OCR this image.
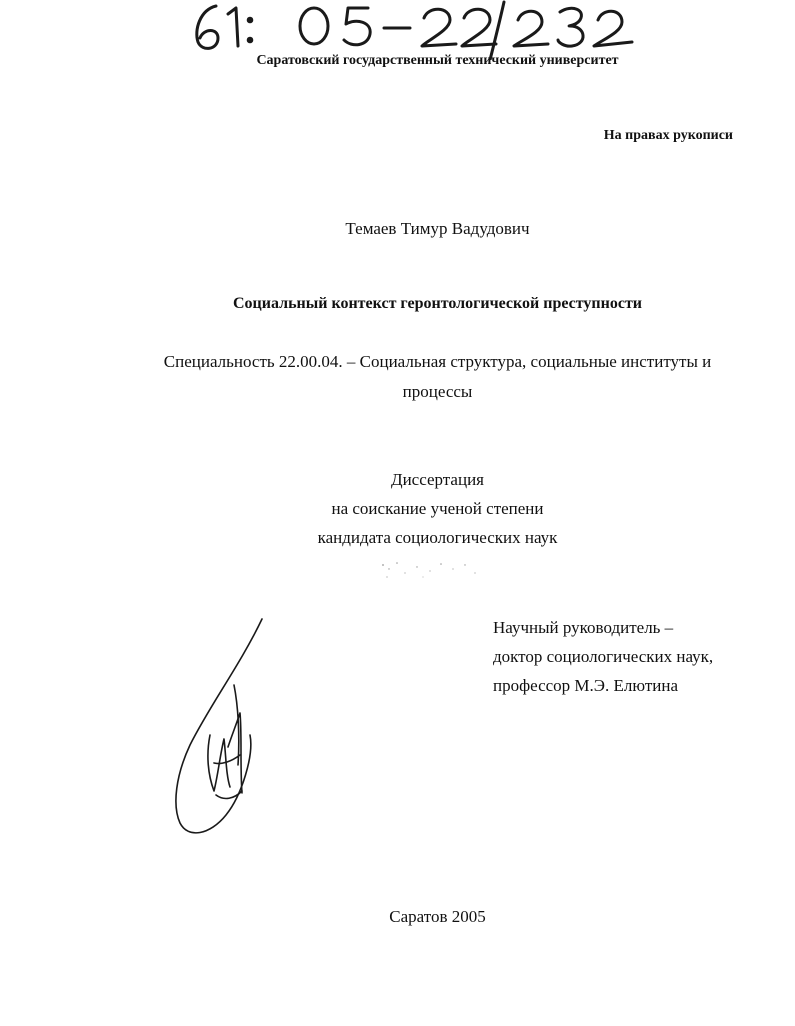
Саратовский государственный технический университет
На правах рукописи
Темаев Тимур Вадудович
Социальный контекст геронтологической преступности
Специальность 22.00.04. – Социальная структура, социальные институты и
процессы
Диссертация
на соискание ученой степени
кандидата социологических наук
Научный руководитель –
доктор социологических наук,
профессор М.Э. Елютина
Саратов 2005
